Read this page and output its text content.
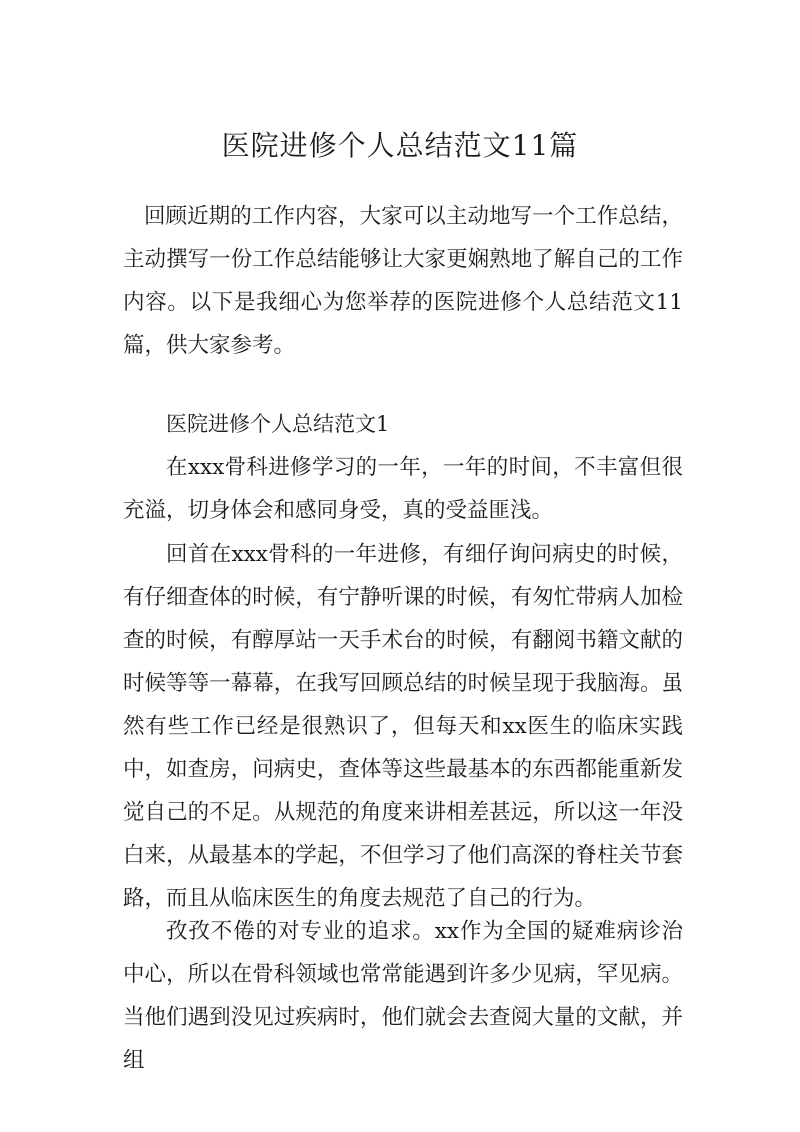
医院进修个人总结范文11篇

回顾近期的工作内容，大家可以主动地写一个工作总结，主动撰写一份工作总结能够让大家更娴熟地了解自己的工作内容。以下是我细心为您举荐的医院进修个人总结范文11篇，供大家参考。

医院进修个人总结范文1

在xxx骨科进修学习的一年，一年的时间，不丰富但很充溢，切身体会和感同身受，真的受益匪浅。

回首在xxx骨科的一年进修，有细仔询问病史的时候，有仔细查体的时候，有宁静听课的时候，有匆忙带病人加检查的时候，有醇厚站一天手术台的时候，有翻阅书籍文献的时候等等一幕幕，在我写回顾总结的时候呈现于我脑海。虽然有些工作已经是很熟识了，但每天和xx医生的临床实践中，如查房，问病史，查体等这些最基本的东西都能重新发觉自己的不足。从规范的角度来讲相差甚远，所以这一年没白来，从最基本的学起，不但学习了他们高深的脊柱关节套路，而且从临床医生的角度去规范了自己的行为。

孜孜不倦的对专业的追求。xx作为全国的疑难病诊治中心，所以在骨科领域也常常能遇到许多少见病，罕见病。当他们遇到没见过疾病时，他们就会去查阅大量的文献，并组
